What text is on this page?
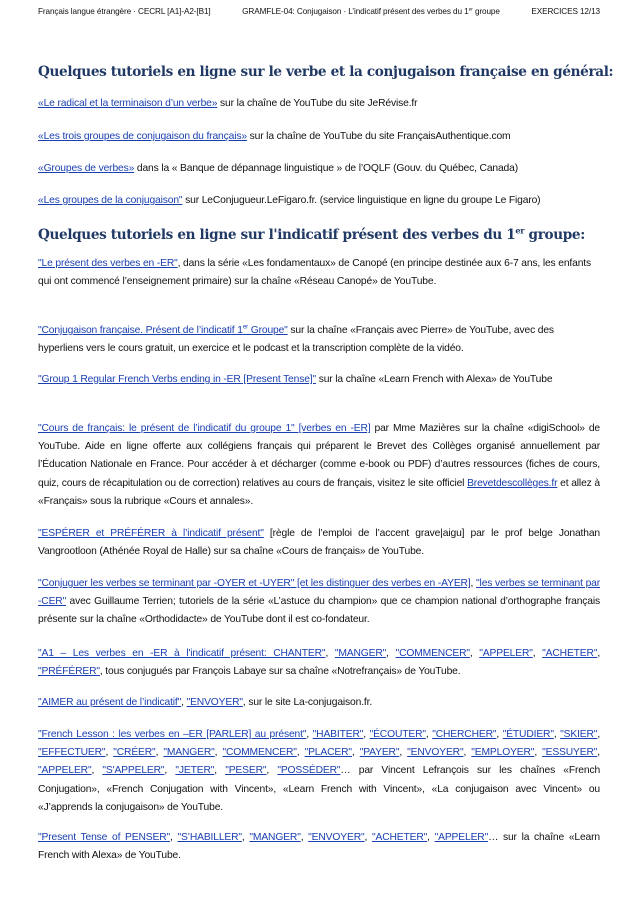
Français langue étrangère · CECRL [A1]-A2-[B1]	GRAMFLE-04: Conjugaison · L’indicatif présent des verbes du 1er groupe	EXERCICES 12/13
Quelques tutoriels en ligne sur le verbe et la conjugaison française en général:

«Le radical et la terminaison d’un verbe» sur la chaîne de YouTube du site JeRévise.fr

«Les trois groupes de conjugaison du français» sur la chaîne de YouTube du site FrançaisAuthentique.com

«Groupes de verbes» dans la « Banque de dépannage linguistique » de l’OQLF (Gouv. du Québec, Canada)

«Les groupes de la conjugaison" sur LeConjugueur.LeFigaro.fr. (service linguistique en ligne du groupe Le Figaro)

Quelques tutoriels en ligne sur l'indicatif présent des verbes du 1er groupe:

"Le présent des verbes en -ER", dans la série «Les fondamentaux» de Canopé (en principe destinée aux 6-7 ans, les enfants qui ont commencé l’enseignement primaire) sur la chaîne «Réseau Canopé» de YouTube.

"Conjugaison française. Présent de l’indicatif 1er Groupe" sur la chaîne «Français avec Pierre» de YouTube, avec des hyperliens vers le cours gratuit, un exercice et le podcast et la transcription complète de la vidéo.

"Group 1 Regular French Verbs ending in -ER [Present Tense]" sur la chaîne «Learn French with Alexa» de YouTube

"Cours de français: le présent de l’indicatif du groupe 1" [verbes en -ER] par Mme Mazières sur la chaîne «digiSchool» de YouTube. Aide en ligne offerte aux collégiens français qui préparent le Brevet des Collèges organisé annuellement par l’Éducation Nationale en France. Pour accéder à et décharger (comme e-book ou PDF) d’autres ressources (fiches de cours, quiz, cours de récapitulation ou de correction) relatives au cours de français, visitez le site officiel Brevetdescollèges.fr et allez à «Français» sous la rubrique «Cours et annales».

"ESPÉRER et PRÉFÉRER à l’indicatif présent" [règle de l’emploi de l’accent grave|aigu] par le prof belge Jonathan Vangrootloon (Athénée Royal de Halle) sur sa chaîne «Cours de français» de YouTube.

"Conjuguer les verbes se terminant par -OYER et -UYER" [et les distinguer des verbes en -AYER], "les verbes se terminant par -CER" avec Guillaume Terrien; tutoriels de la série «L’astuce du champion» que ce champion national d’orthographe français présente sur la chaîne «Orthodidacte» de YouTube dont il est co-fondateur.

"A1 – Les verbes en -ER à l'indicatif présent: CHANTER", "MANGER", "COMMENCER", "APPELER", "ACHETER", "PRÉFÉRER", tous conjugués par François Labaye sur sa chaîne «Notrefrançais» de YouTube.

"AIMER au présent de l’indicatif", "ENVOYER", sur le site La-conjugaison.fr.

"French Lesson : les verbes en –ER [PARLER] au présent", "HABITER", "ÉCOUTER", "CHERCHER", "ÉTUDIER", "SKIER", "EFFECTUER", "CRÉER", "MANGER", "COMMENCER", "PLACER", "PAYER", "ENVOYER", "EMPLOYER", "ESSUYER", "APPELER", "S'APPELER", "JETER", "PESER", "POSSÉDER"… par Vincent Lefrançois sur les chaînes «French Conjugation», «French Conjugation with Vincent», «Learn French with Vincent», «La conjugaison avec Vincent» ou «J’apprends la conjugaison» de YouTube.

"Present Tense of PENSER", "S’HABILLER", "MANGER", "ENVOYER", "ACHETER", "APPELER"… sur la chaîne «Learn French with Alexa» de YouTube.
